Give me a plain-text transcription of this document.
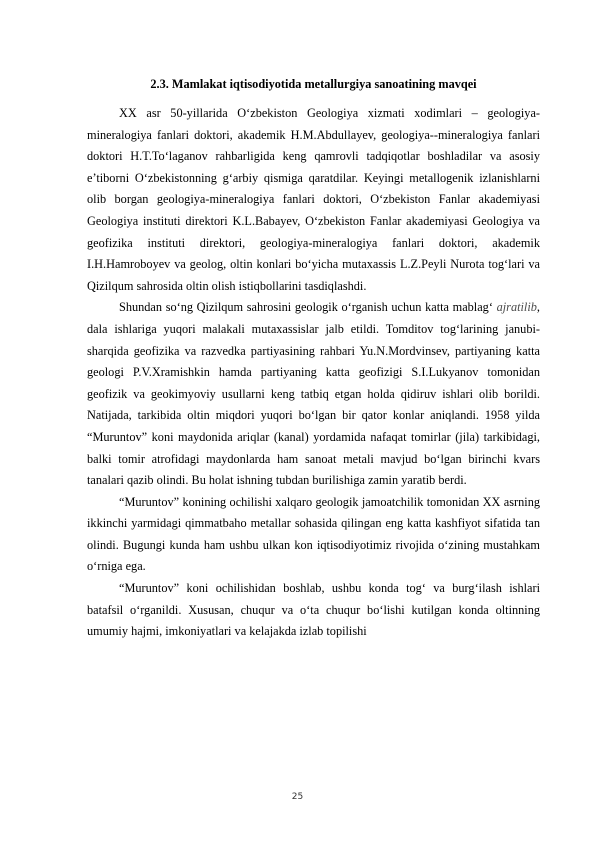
2.3. Mamlakat iqtisodiyotida metallurgiya sanoatining mavqei

XX asr 50-yillarida O‘zbekiston Geologiya xizmati xodimlari – geologiya-mineralogiya fanlari doktori, akademik H.M.Abdullayev, geologiya--mineralogiya fanlari doktori H.T.To‘laganov rahbarligida keng qamrovli tadqiqotlar boshladilar va asosiy e’tiborni O‘zbekistonning g‘arbiy qismiga qaratdilar. Keyingi metallogenik izlanishlarni olib borgan geologiya-mineralogiya fanlari doktori, O‘zbekiston Fanlar akademiyasi Geologiya instituti direktori K.L.Babayev, O‘zbekiston Fanlar akademiyasi Geologiya va geofizika instituti direktori, geologiya-mineralogiya fanlari doktori, akademik I.H.Hamroboyev va geolog, oltin konlari bo‘yicha mutaxassis L.Z.Peyli Nurota tog‘lari va Qizilqum sahrosida oltin olish istiqbollarini tasdiqlashdi.

Shundan so‘ng Qizilqum sahrosini geologik o‘rganish uchun katta mablag‘ ajratilib, dala ishlariga yuqori malakali mutaxassislar jalb etildi. Tomditov tog‘larining janubi-sharqida geofizika va razvedka partiyasining rahbari Yu.N.Mordvinsev, partiyaning katta geologi P.V.Xramishkin hamda partiyaning katta geofizigi S.I.Lukyanov tomonidan geofizik va geokimyoviy usullarni keng tatbiq etgan holda qidiruv ishlari olib borildi. Natijada, tarkibida oltin miqdori yuqori bo‘lgan bir qator konlar aniqlandi. 1958 yilda “Muruntov” koni maydonida ariqlar (kanal) yordamida nafaqat tomirlar (jila) tarkibidagi, balki tomir atrofidagi maydonlarda ham sanoat metali mavjud bo‘lgan birinchi kvars tanalari qazib olindi. Bu holat ishning tubdan burilishiga zamin yaratib berdi.

“Muruntov” konining ochilishi xalqaro geologik jamoatchilik tomonidan XX asrning ikkinchi yarmidagi qimmatbaho metallar sohasida qilingan eng katta kashfiyot sifatida tan olindi. Bugungi kunda ham ushbu ulkan kon iqtisodiyotimiz rivojida o‘zining mustahkam o‘rniga ega.

“Muruntov” koni ochilishidan boshlab, ushbu konda tog‘ va burg‘ilash ishlari batafsil o‘rganildi. Xususan, chuqur va o‘ta chuqur bo‘lishi kutilgan konda oltinning umumiy hajmi, imkoniyatlari va kelajakda izlab topilishi

25
